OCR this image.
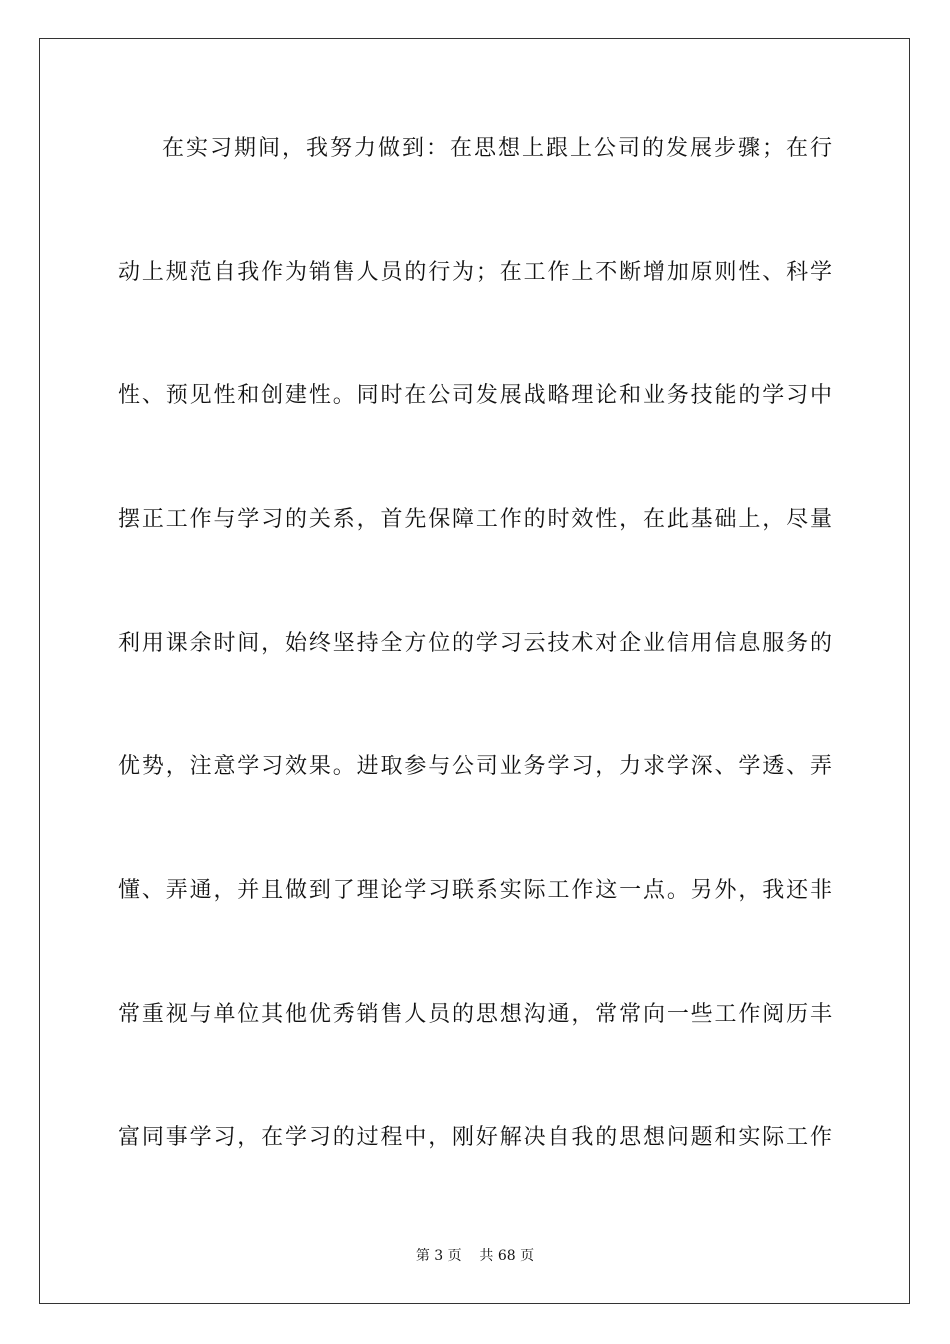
在实习期间，我努力做到：在思想上跟上公司的发展步骤；在行
动上规范自我作为销售人员的行为；在工作上不断增加原则性、科学
性、预见性和创建性。同时在公司发展战略理论和业务技能的学习中
摆正工作与学习的关系，首先保障工作的时效性，在此基础上，尽量
利用课余时间，始终坚持全方位的学习云技术对企业信用信息服务的
优势，注意学习效果。进取参与公司业务学习，力求学深、学透、弄
懂、弄通，并且做到了理论学习联系实际工作这一点。另外，我还非
常重视与单位其他优秀销售人员的思想沟通，常常向一些工作阅历丰
富同事学习，在学习的过程中，刚好解决自我的思想问题和实际工作
第 3 页    共 68 页
